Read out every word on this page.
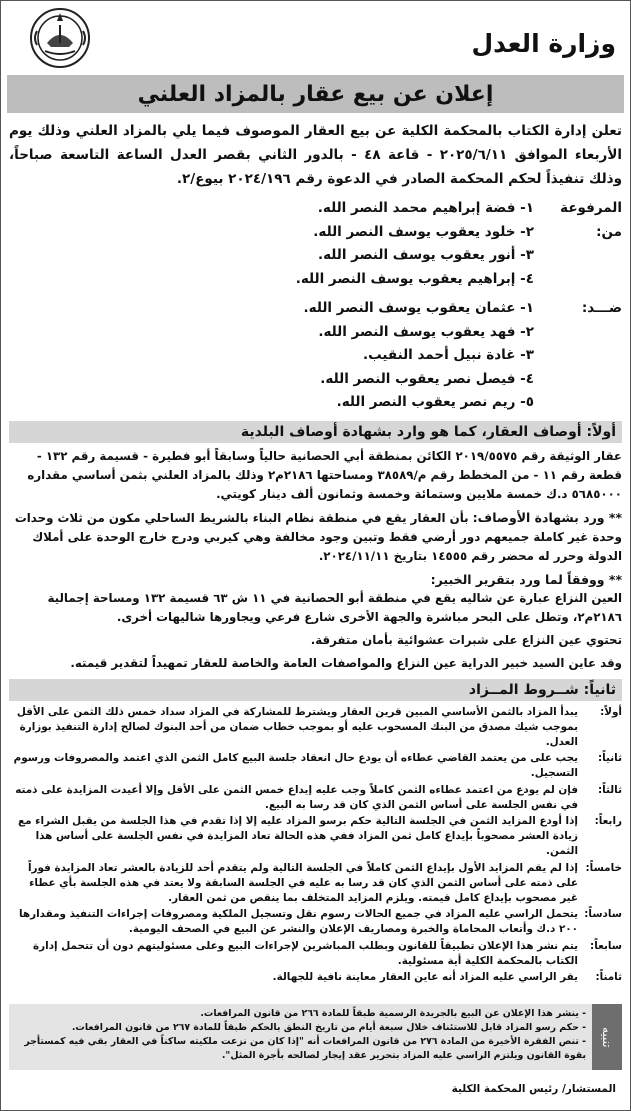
وزارة العدل
إعلان عن بيع عقار بالمزاد العلني

تعلن إدارة الكتاب بالمحكمة الكلية عن بيع العقار الموصوف فيما يلي بالمزاد العلني وذلك يوم الأربعاء الموافق ٢٠٢٥/٦/١١ - قاعة ٤٨ - بالدور الثاني بقصر العدل الساعة التاسعة صباحاً، وذلك تنفيذاً لحكم المحكمة الصادر في الدعوة رقم ٢٠٢٤/١٩٦ بيوع/٢.

المرفوعة من:
١- فضة إبراهيم محمد النصر الله.
٢- خلود يعقوب يوسف النصر الله.
٣- أنور يعقوب يوسف النصر الله.
٤- إبراهيم يعقوب يوسف النصر الله.
ضـــد:
١- عثمان يعقوب يوسف النصر الله.
٢- فهد يعقوب يوسف النصر الله.
٣- غادة نبيل أحمد النقيب.
٤- فيصل نصر يعقوب النصر الله.
٥- ريم نصر يعقوب النصر الله.
أولاً: أوصاف العقار، كما هو وارد بشهادة أوصاف البلدية

عقار الوثيقة رقم ٢٠١٩/٥٥٧٥ الكائن بمنطقة أبي الحصانية حالياً وسابقاً أبو فطيرة - قسيمة رقم ١٣٢ - قطعة رقم ١١ - من المخطط رقم م/٣٨٥٨٩ ومساحتها ٢١٨٦م٢ وذلك بالمزاد العلني بثمن أساسي مقداره ٥٦٨٥٠٠٠ د.ك خمسة ملايين وستمائة وخمسة وثمانون ألف دينار كويتي.

** ورد بشهادة الأوصاف: بأن العقار يقع في منطقة نظام البناء بالشريط الساحلي مكون من ثلاث وحدات وحدة غير كاملة جميعهم دور أرضي فقط وتبين وجود مخالفة وهي كيربي ودرج خارج الوحدة على أملاك الدولة وحرر له محضر رقم ١٤٥٥٥ بتاريخ ٢٠٢٤/١١/١١.

** ووفقاً لما ورد بتقرير الخبير:

العين النزاع عبارة عن شاليه يقع في منطقة أبو الحصانية في ١١ ش ٦٣ قسيمة ١٣٢ ومساحة إجمالية ٢١٨٦م٢، وتطل على البحر مباشرة والجهة الأخرى شارع فرعي ويجاورها شاليهات أخرى.

تحتوي عين النزاع على شبرات عشوائية بأمان متفرقة.

وقد عاين السيد خبير الدراية عين النزاع والمواصفات العامة والخاصة للعقار تمهيداً لتقدير قيمته.

ثانياً: شــروط المــزاد
أولاً:
يبدأ المزاد بالثمن الأساسي المبين قرين العقار ويشترط للمشاركة في المزاد سداد خمس ذلك الثمن على الأقل بموجب شيك مصدق من البنك المسحوب عليه أو بموجب خطاب ضمان من أحد البنوك لصالح إدارة التنفيذ بوزارة العدل.
ثانياً:
يجب على من يعتمد القاضي عطاءه أن يودع حال انعقاد جلسة البيع كامل الثمن الذي اعتمد والمصروفات ورسوم التسجيل.
ثالثاً:
فإن لم يودع من اعتمد عطاءه الثمن كاملاً وجب عليه إيداع خمس الثمن على الأقل وإلا أعيدت المزايدة على ذمته في نفس الجلسة على أساس الثمن الذي كان قد رسا به البيع.
رابعاً:
إذا أودع المزايد الثمن في الجلسة التالية حكم برسو المزاد عليه إلا إذا تقدم في هذا الجلسة من يقبل الشراء مع زيادة العشر مصحوباً بإيداع كامل ثمن المزاد ففي هذه الحالة تعاد المزايدة في نفس الجلسة على أساس هذا الثمن.
خامساً:
إذا لم يقم المزايد الأول بإيداع الثمن كاملاً في الجلسة التالية ولم يتقدم أحد للزيادة بالعشر تعاد المزايدة فوراً على ذمته على أساس الثمن الذي كان قد رسا به عليه في الجلسة السابقة ولا يعتد في هذه الجلسة بأي عطاء غير مصحوب بإيداع كامل قيمته. ويلزم المزايد المتخلف بما ينقص من ثمن العقار.
سادساً:
يتحمل الراسي عليه المزاد في جميع الحالات رسوم نقل وتسجيل الملكية ومصروفات إجراءات التنفيذ ومقدارها ٢٠٠ د.ك وأتعاب المحاماة والخبرة ومصاريف الإعلان والنشر عن البيع في الصحف اليومية.
سابعاً:
يتم نشر هذا الإعلان تطبيقاً للقانون وبطلب المباشرين لإجراءات البيع وعلى مسئوليتهم دون أن تتحمل إدارة الكتاب بالمحكمة الكلية أية مسئولية.
ثامناً:
يقر الراسي عليه المزاد أنه عاين العقار معاينة نافية للجهالة.
تنبيه
- ينشر هذا الإعلان عن البيع بالجريدة الرسمية طبقاً للمادة ٢٦٦ من قانون المرافعات.
- حكم رسو المزاد قابل للاستئناف خلال سبعة أيام من تاريخ النطق بالحكم طبقاً للمادة ٢٦٧ من قانون المرافعات.
- تنص الفقرة الأخيرة من المادة ٢٧٦ من قانون المرافعات أنه "إذا كان من نزعت ملكيته ساكناً في العقار بقي فيه كمستأجر بقوة القانون ويلتزم الراسي عليه المزاد بتحرير عقد إيجار لصالحه بأجرة المثل".
المستشار/ رئيس المحكمة الكلية
